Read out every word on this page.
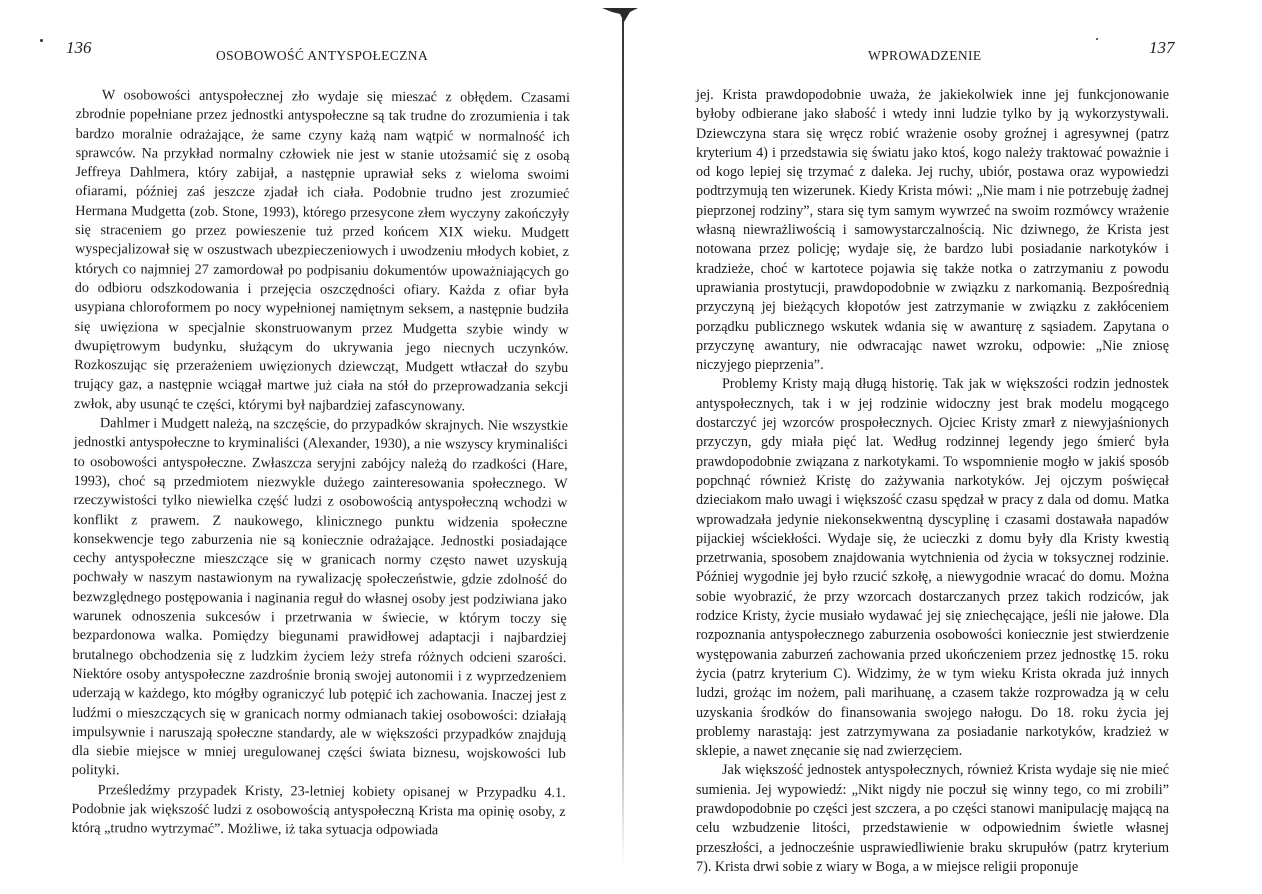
136	OSOBOWOŚĆ ANTYSPOŁECZNA

W osobowości antyspołecznej zło wydaje się mieszać z obłędem. Czasami zbrodnie popełniane przez jednostki antyspołeczne są tak trudne do zrozumienia i tak bardzo moralnie odrażające, że same czyny każą nam wątpić w normalność ich sprawców. Na przykład normalny człowiek nie jest w stanie utożsamić się z osobą Jeffreya Dahlmera, który zabijał, a następnie uprawiał seks z wieloma swoimi ofiarami, później zaś jeszcze zjadał ich ciała. Podobnie trudno jest zrozumieć Hermana Mudgetta (zob. Stone, 1993), którego przesycone złem wyczyny zakończyły się straceniem go przez powieszenie tuż przed końcem XIX wieku. Mudgett wyspecjalizował się w oszustwach ubezpieczeniowych i uwodzeniu młodych kobiet, z których co najmniej 27 zamordował po podpisaniu dokumentów upoważniających go do odbioru odszkodowania i przejęcia oszczędności ofiary. Każda z ofiar była usypiana chloroformem po nocy wypełnionej namiętnym seksem, a następnie budziła się uwięziona w specjalnie skonstruowanym przez Mudgetta szybie windy w dwupiętrowym budynku, służącym do ukrywania jego niecnych uczynków. Rozkoszując się przerażeniem uwięzionych dziewcząt, Mudgett wtłaczał do szybu trujący gaz, a następnie wciągał martwe już ciała na stół do przeprowadzania sekcji zwłok, aby usunąć te części, którymi był najbardziej zafascynowany.

Dahlmer i Mudgett należą, na szczęście, do przypadków skrajnych. Nie wszystkie jednostki antyspołeczne to kryminaliści (Alexander, 1930), a nie wszyscy kryminaliści to osobowości antyspołeczne. Zwłaszcza seryjni zabójcy należą do rzadkości (Hare, 1993), choć są przedmiotem niezwykle dużego zainteresowania społecznego. W rzeczywistości tylko niewielka część ludzi z osobowością antyspołeczną wchodzi w konflikt z prawem. Z naukowego, klinicznego punktu widzenia społeczne konsekwencje tego zaburzenia nie są koniecznie odrażające. Jednostki posiadające cechy antyspołeczne mieszczące się w granicach normy często nawet uzyskują pochwały w naszym nastawionym na rywalizację społeczeństwie, gdzie zdolność do bezwzględnego postępowania i naginania reguł do własnej osoby jest podziwiana jako warunek odnoszenia sukcesów i przetrwania w świecie, w którym toczy się bezpardonowa walka. Pomiędzy biegunami prawidłowej adaptacji i najbardziej brutalnego obchodzenia się z ludzkim życiem leży strefa różnych odcieni szarości. Niektóre osoby antyspołeczne zazdrośnie bronią swojej autonomii i z wyprzedzeniem uderzają w każdego, kto mógłby ograniczyć lub potępić ich zachowania. Inaczej jest z ludźmi o mieszczących się w granicach normy odmianach takiej osobowości: działają impulsywnie i naruszają społeczne standardy, ale w większości przypadków znajdują dla siebie miejsce w mniej uregulowanej części świata biznesu, wojskowości lub polityki.

Prześledźmy przypadek Kristy, 23-letniej kobiety opisanej w Przypadku 4.1. Podobnie jak większość ludzi z osobowością antyspołeczną Krista ma opinię osoby, z którą „trudno wytrzymać”. Możliwe, iż taka sytuacja odpowiada

137
WPROWADZENIE

jej. Krista prawdopodobnie uważa, że jakiekolwiek inne jej funkcjonowanie byłoby odbierane jako słabość i wtedy inni ludzie tylko by ją wykorzystywali. Dziewczyna stara się wręcz robić wrażenie osoby groźnej i agresywnej (patrz kryterium 4) i przedstawia się światu jako ktoś, kogo należy traktować poważnie i od kogo lepiej się trzymać z daleka. Jej ruchy, ubiór, postawa oraz wypowiedzi podtrzymują ten wizerunek. Kiedy Krista mówi: „Nie mam i nie potrzebuję żadnej pieprzonej rodziny”, stara się tym samym wywrzeć na swoim rozmówcy wrażenie własną niewrażliwością i samowystarczalnością. Nic dziwnego, że Krista jest notowana przez policję; wydaje się, że bardzo lubi posiadanie narkotyków i kradzieże, choć w kartotece pojawia się także notka o zatrzymaniu z powodu uprawiania prostytucji, prawdopodobnie w związku z narkomanią. Bezpośrednią przyczyną jej bieżących kłopotów jest zatrzymanie w związku z zakłóceniem porządku publicznego wskutek wdania się w awanturę z sąsiadem. Zapytana o przyczynę awantury, nie odwracając nawet wzroku, odpowie: „Nie zniosę niczyjego pieprzenia”.

Problemy Kristy mają długą historię. Tak jak w większości rodzin jednostek antyspołecznych, tak i w jej rodzinie widoczny jest brak modelu mogącego dostarczyć jej wzorców prospołecznych. Ojciec Kristy zmarł z niewyjaśnionych przyczyn, gdy miała pięć lat. Według rodzinnej legendy jego śmierć była prawdopodobnie związana z narkotykami. To wspomnienie mogło w jakiś sposób popchnąć również Kristę do zażywania narkotyków. Jej ojczym poświęcał dzieciakom mało uwagi i większość czasu spędzał w pracy z dala od domu. Matka wprowadzała jedynie niekonsekwentną dyscyplinę i czasami dostawała napadów pijackiej wściekłości. Wydaje się, że ucieczki z domu były dla Kristy kwestią przetrwania, sposobem znajdowania wytchnienia od życia w toksycznej rodzinie. Później wygodnie jej było rzucić szkołę, a niewygodnie wracać do domu. Można sobie wyobrazić, że przy wzorcach dostarczanych przez takich rodziców, jak rodzice Kristy, życie musiało wydawać jej się zniechęcające, jeśli nie jałowe. Dla rozpoznania antyspołecznego zaburzenia osobowości koniecznie jest stwierdzenie występowania zaburzeń zachowania przed ukończeniem przez jednostkę 15. roku życia (patrz kryterium C). Widzimy, że w tym wieku Krista okrada już innych ludzi, grożąc im nożem, pali marihuanę, a czasem także rozprowadza ją w celu uzyskania środków do finansowania swojego nałogu. Do 18. roku życia jej problemy narastają: jest zatrzymywana za posiadanie narkotyków, kradzież w sklepie, a nawet znęcanie się nad zwierzęciem.

Jak większość jednostek antyspołecznych, również Krista wydaje się nie mieć sumienia. Jej wypowiedź: „Nikt nigdy nie poczuł się winny tego, co mi zrobili” prawdopodobnie po części jest szczera, a po części stanowi manipulację mającą na celu wzbudzenie litości, przedstawienie w odpowiednim świetle własnej przeszłości, a jednocześnie usprawiedliwienie braku skrupułów (patrz kryterium 7). Krista drwi sobie z wiary w Boga, a w miejsce religii proponuje
